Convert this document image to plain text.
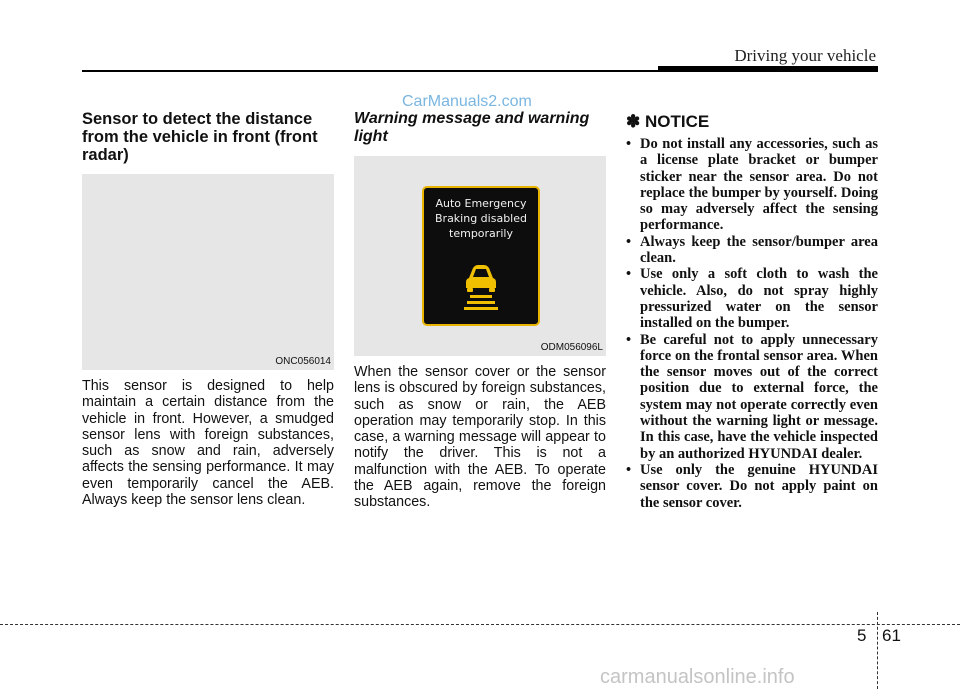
Driving your vehicle
CarManuals2.com
Sensor to detect the distance from the vehicle in front (front radar)
ONC056014

This sensor is designed to help maintain a certain distance from the vehicle in front. However, a smudged sensor lens with foreign substances, such as snow and rain, adversely affects the sensing performance. It may even temporarily cancel the AEB. Always keep the sensor lens clean.

Warning message and warning light
Auto Emergency Braking disabled temporarily
ODM056096L

When the sensor cover or the sensor lens is obscured by foreign substances, such as snow or rain, the AEB operation may temporarily stop. In this case, a warning message will appear to notify the driver. This is not a malfunction with the AEB. To operate the AEB again, remove the foreign substances.

✽ NOTICE
• Do not install any accessories, such as a license plate bracket or bumper sticker near the sensor area. Do not replace the bumper by yourself. Doing so may adversely affect the sensing performance.
• Always keep the sensor/bumper area clean.
• Use only a soft cloth to wash the vehicle. Also, do not spray highly pressurized water on the sensor installed on the bumper.
• Be careful not to apply unnecessary force on the frontal sensor area. When the sensor moves out of the correct position due to external force, the system may not operate correctly even without the warning light or message. In this case, have the vehicle inspected by an authorized HYUNDAI dealer.
• Use only the genuine HYUNDAI sensor cover. Do not apply paint on the sensor cover.
5 61
carmanualsonline.info
